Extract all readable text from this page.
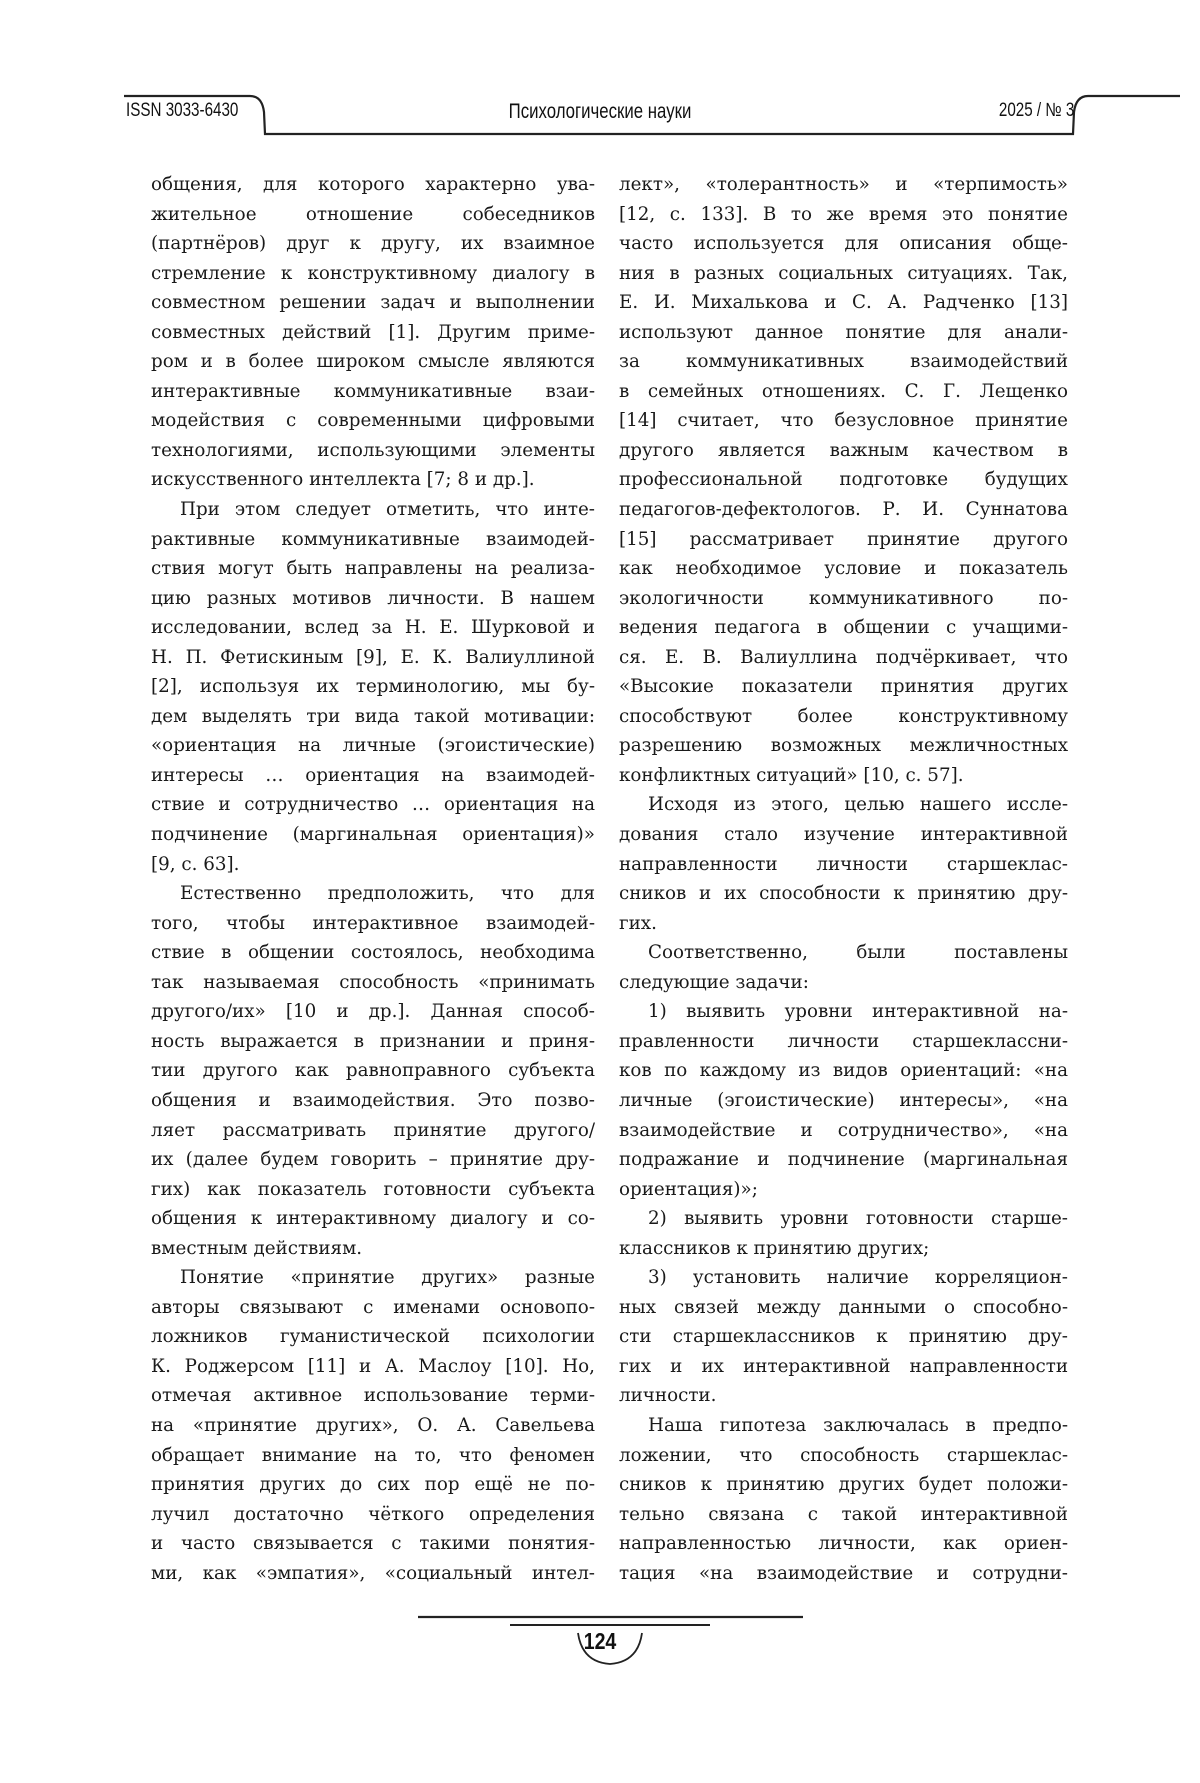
ISSN 3033-6430	Психологические науки	2025 / № 3
общения, для которого характерно ува-
жительное отношение собеседников
(партнёров) друг к другу, их взаимное
стремление к конструктивному диалогу в
совместном решении задач и выполнении
совместных действий [1]. Другим приме-
ром и в более широком смысле являются
интерактивные коммуникативные взаи-
модействия с современными цифровыми
технологиями, использующими элементы
искусственного интеллекта [7; 8 и др.].
При этом следует отметить, что инте-
рактивные коммуникативные взаимодей-
ствия могут быть направлены на реализа-
цию разных мотивов личности. В нашем
исследовании, вслед за Н. Е. Шурковой и
Н. П. Фетискиным [9], Е. К. Валиуллиной
[2], используя их терминологию, мы бу-
дем выделять три вида такой мотивации:
«ориентация на личные (эгоистические)
интересы … ориентация на взаимодей-
ствие и сотрудничество … ориентация на
подчинение (маргинальная ориентация)»
[9, с. 63].
Естественно предположить, что для
того, чтобы интерактивное взаимодей-
ствие в общении состоялось, необходима
так называемая способность «принимать
другого/их» [10 и др.]. Данная способ-
ность выражается в признании и приня-
тии другого как равноправного субъекта
общения и взаимодействия. Это позво-
ляет рассматривать принятие другого/
их (далее будем говорить – принятие дру-
гих) как показатель готовности субъекта
общения к интерактивному диалогу и со-
вместным действиям.
Понятие «принятие других» разные
авторы связывают с именами основопо-
ложников гуманистической психологии
К. Роджерсом [11] и А. Маслоу [10]. Но,
отмечая активное использование терми-
на «принятие других», О. А. Савельева
обращает внимание на то, что феномен
принятия других до сих пор ещё не по-
лучил достаточно чёткого определения
и часто связывается с такими понятия-
ми, как «эмпатия», «социальный интел-
лект», «толерантность» и «терпимость»
[12, с. 133]. В то же время это понятие
часто используется для описания обще-
ния в разных социальных ситуациях. Так,
Е. И. Михалькова и С. А. Радченко [13]
используют данное понятие для анали-
за коммуникативных взаимодействий
в семейных отношениях. С. Г. Лещенко
[14] считает, что безусловное принятие
другого является важным качеством в
профессиональной подготовке будущих
педагогов-дефектологов. Р. И. Суннатова
[15] рассматривает принятие другого
как необходимое условие и показатель
экологичности коммуникативного по-
ведения педагога в общении с учащими-
ся. Е. В. Валиуллина подчёркивает, что
«Высокие показатели принятия других
способствуют более конструктивному
разрешению возможных межличностных
конфликтных ситуаций» [10, с. 57].
Исходя из этого, целью нашего иссле-
дования стало изучение интерактивной
направленности личности старшеклас-
сников и их способности к принятию дру-
гих.
Соответственно, были поставлены
следующие задачи:
1) выявить уровни интерактивной на-
правленности личности старшеклассни-
ков по каждому из видов ориентаций: «на
личные (эгоистические) интересы», «на
взаимодействие и сотрудничество», «на
подражание и подчинение (маргинальная
ориентация)»;
2) выявить уровни готовности старше-
классников к принятию других;
3) установить наличие корреляцион-
ных связей между данными о способно-
сти старшеклассников к принятию дру-
гих и их интерактивной направленности
личности.
Наша гипотеза заключалась в предпо-
ложении, что способность старшеклас-
сников к принятию других будет положи-
тельно связана с такой интерактивной
направленностью личности, как ориен-
тация «на взаимодействие и сотрудни-
124
